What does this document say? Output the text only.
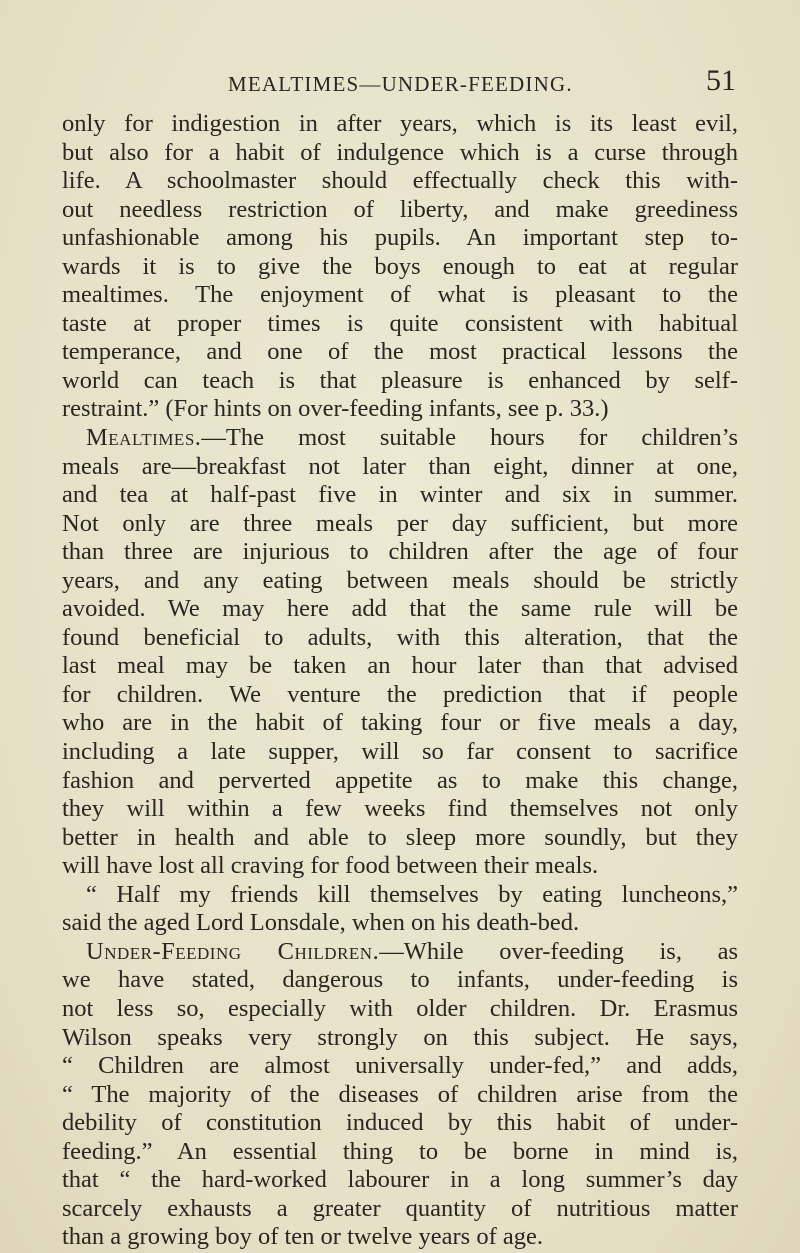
MEALTIMES—UNDER-FEEDING.	51
only for indigestion in after years, which is its least evil,
but also for a habit of indulgence which is a curse through
life. A schoolmaster should effectually check this with-
out needless restriction of liberty, and make greediness
unfashionable among his pupils. An important step to-
wards it is to give the boys enough to eat at regular
mealtimes. The enjoyment of what is pleasant to the
taste at proper times is quite consistent with habitual
temperance, and one of the most practical lessons the
world can teach is that pleasure is enhanced by self-
restraint.” (For hints on over-feeding infants, see p. 33.)
Mealtimes.—The most suitable hours for children’s
meals are—breakfast not later than eight, dinner at one,
and tea at half-past five in winter and six in summer.
Not only are three meals per day sufficient, but more
than three are injurious to children after the age of four
years, and any eating between meals should be strictly
avoided. We may here add that the same rule will be
found beneficial to adults, with this alteration, that the
last meal may be taken an hour later than that advised
for children. We venture the prediction that if people
who are in the habit of taking four or five meals a day,
including a late supper, will so far consent to sacrifice
fashion and perverted appetite as to make this change,
they will within a few weeks find themselves not only
better in health and able to sleep more soundly, but they
will have lost all craving for food between their meals.
“ Half my friends kill themselves by eating luncheons,”
said the aged Lord Lonsdale, when on his death-bed.
Under-Feeding Children.—While over-feeding is, as
we have stated, dangerous to infants, under-feeding is
not less so, especially with older children. Dr. Erasmus
Wilson speaks very strongly on this subject. He says,
“ Children are almost universally under-fed,” and adds,
“ The majority of the diseases of children arise from the
debility of constitution induced by this habit of under-
feeding.” An essential thing to be borne in mind is,
that “ the hard-worked labourer in a long summer’s day
scarcely exhausts a greater quantity of nutritious matter
than a growing boy of ten or twelve years of age.
